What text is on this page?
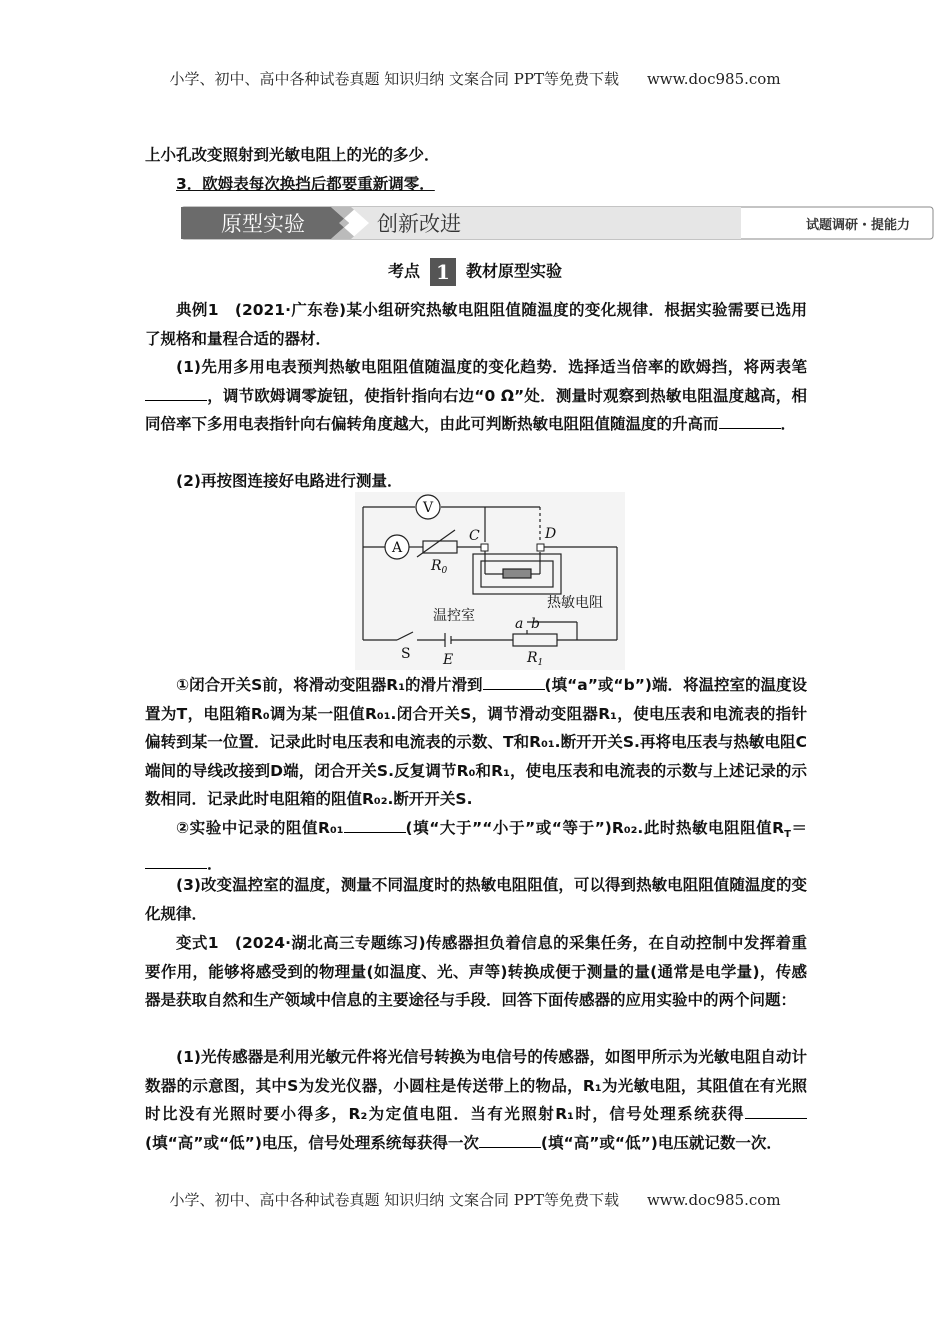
小学、初中、高中各种试卷真题 知识归纳 文案合同 PPT等免费下载 www.doc985.com
上小孔改变照射到光敏电阻上的光的多少．
3．欧姆表每次换挡后都要重新调零．
原型实验	创新改进	试题调研・提能力
考点 1 教材原型实验
典例1　(2021·广东卷)某小组研究热敏电阻阻值随温度的变化规律．根据实验需要已选用了规格和量程合适的器材．
(1)先用多用电表预判热敏电阻阻值随温度的变化趋势．选择适当倍率的欧姆挡，将两表笔，调节欧姆调零旋钮，使指针指向右边“0 Ω”处．测量时观察到热敏电阻温度越高，相同倍率下多用电表指针向右偏转角度越大，由此可判断热敏电阻阻值随温度的升高而	．
(2)再按图连接好电路进行测量．
V
A
C	D
$R_0$
温控室
热敏电阻
S E
a b
$R_1$
①闭合开关S前，将滑动变阻器R₁的滑片滑到	(填“a”或“b”)端．将温控室的温度设置为T，电阻箱R₀调为某一阻值R₀₁.闭合开关S，调节滑动变阻器R₁，使电压表和电流表的指针偏转到某一位置．记录此时电压表和电流表的示数、T和R₀₁.断开开关S.再将电压表与热敏电阻C端间的导线改接到D端，闭合开关S.反复调节R₀和R₁，使电压表和电流表的示数与上述记录的示数相同．记录此时电阻箱的阻值R₀₂.断开开关S.
②实验中记录的阻值R₀₁	(填“大于”“小于”或“等于”)R₀₂.此时热敏电阻阻值$R_T=$．
(3)改变温控室的温度，测量不同温度时的热敏电阻阻值，可以得到热敏电阻阻值随温度的变化规律．
变式1　(2024·湖北高三专题练习)传感器担负着信息的采集任务，在自动控制中发挥着重要作用，能够将感受到的物理量(如温度、光、声等)转换成便于测量的量(通常是电学量)，传感器是获取自然和生产领域中信息的主要途径与手段．回答下面传感器的应用实验中的两个问题：
(1)光传感器是利用光敏元件将光信号转换为电信号的传感器，如图甲所示为光敏电阻自动计数器的示意图，其中S为发光仪器，小圆柱是传送带上的物品，R₁为光敏电阻，其阻值在有光照时比没有光照时要小得多，R₂为定值电阻．当有光照射R₁时，信号处理系统获得(填“高”或“低”)电压，信号处理系统每获得一次	(填“高”或“低”)电压就记数一次．
小学、初中、高中各种试卷真题 知识归纳 文案合同 PPT等免费下载 www.doc985.com
